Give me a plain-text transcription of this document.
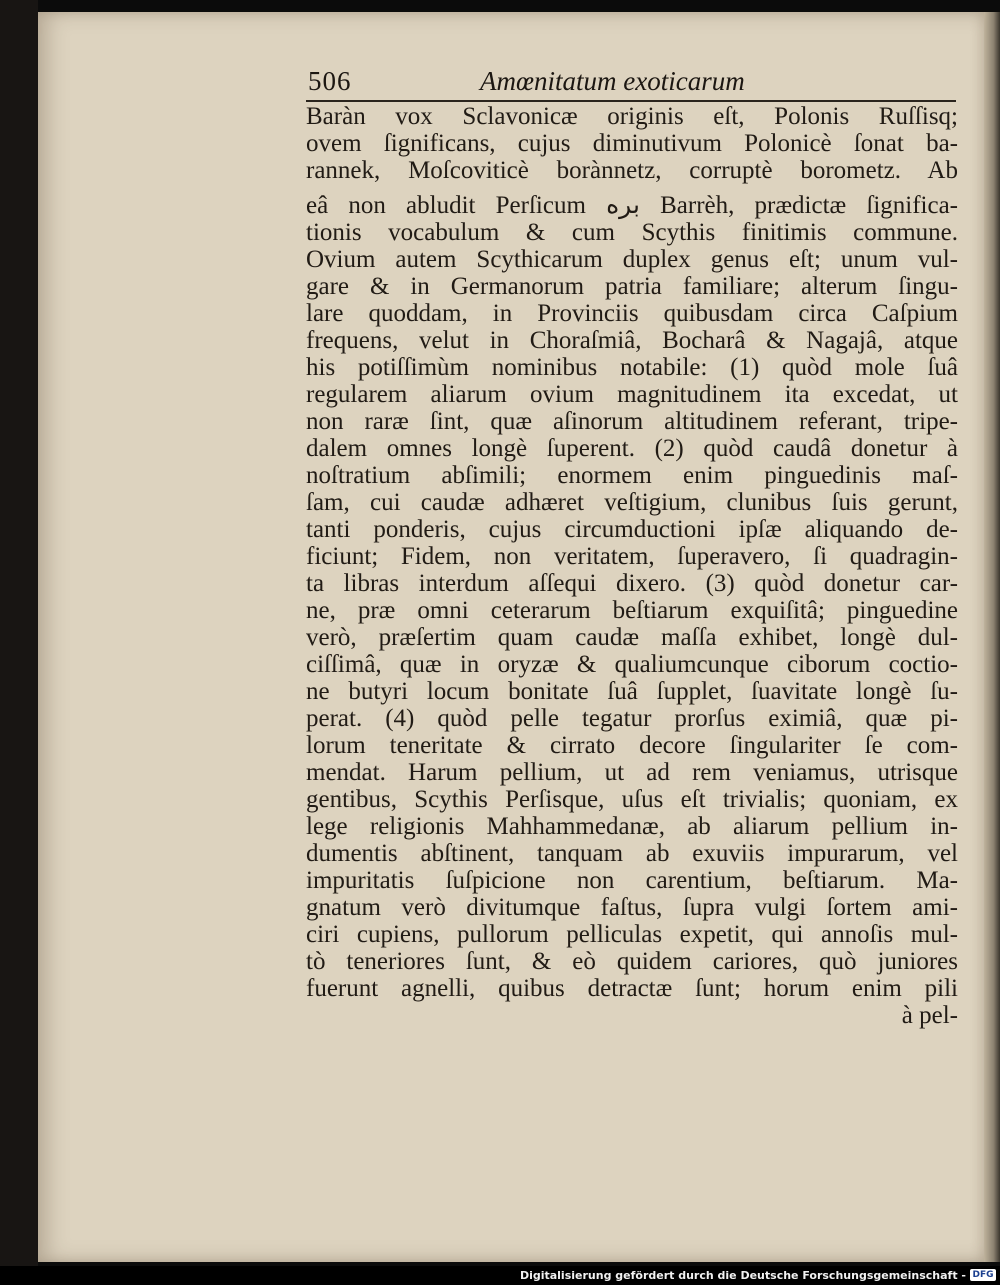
506	Amœnitatum exoticarum
Baràn vox Sclavonicæ originis eſt, Polonis Ruſſisq;
ovem ſignificans, cujus diminutivum Polonicè ſonat ba-
rannek, Moſcoviticè borànnetz, corruptè borometz. Ab
eâ non abludit Perſicum بره Barrèh, prædictæ ſignifica-
tionis vocabulum & cum Scythis finitimis commune.
Ovium autem Scythicarum duplex genus eſt; unum vul-
gare & in Germanorum patria familiare; alterum ſingu-
lare quoddam, in Provinciis quibusdam circa Caſpium
frequens, velut in Choraſmiâ, Bocharâ & Nagajâ, atque
his potiſſimùm nominibus notabile: (1) quòd mole ſuâ
regularem aliarum ovium magnitudinem ita excedat, ut
non raræ ſint, quæ aſinorum altitudinem referant, tripe-
dalem omnes longè ſuperent. (2) quòd caudâ donetur à
noſtratium abſimili; enormem enim pinguedinis maſ-
ſam, cui caudæ adhæret veſtigium, clunibus ſuis gerunt,
tanti ponderis, cujus circumductioni ipſæ aliquando de-
ficiunt; Fidem, non veritatem, ſuperavero, ſi quadragin-
ta libras interdum aſſequi dixero. (3) quòd donetur car-
ne, præ omni ceterarum beſtiarum exquiſitâ; pinguedine
verò, præſertim quam caudæ maſſa exhibet, longè dul-
ciſſimâ, quæ in oryzæ & qualiumcunque ciborum coctio-
ne butyri locum bonitate ſuâ ſupplet, ſuavitate longè ſu-
perat. (4) quòd pelle tegatur prorſus eximiâ, quæ pi-
lorum teneritate & cirrato decore ſingulariter ſe com-
mendat. Harum pellium, ut ad rem veniamus, utrisque
gentibus, Scythis Perſisque, uſus eſt trivialis; quoniam, ex
lege religionis Mahhammedanæ, ab aliarum pellium in-
dumentis abſtinent, tanquam ab exuviis impurarum, vel
impuritatis ſuſpicione non carentium, beſtiarum. Ma-
gnatum verò divitumque faſtus, ſupra vulgi ſortem ami-
ciri cupiens, pullorum pelliculas expetit, qui annoſis mul-
tò teneriores ſunt, & eò quidem cariores, quò juniores
fuerunt agnelli, quibus detractæ ſunt; horum enim pili
à pel-
Digitalisierung gefördert durch die Deutsche Forschungsgemeinschaft - DFG
